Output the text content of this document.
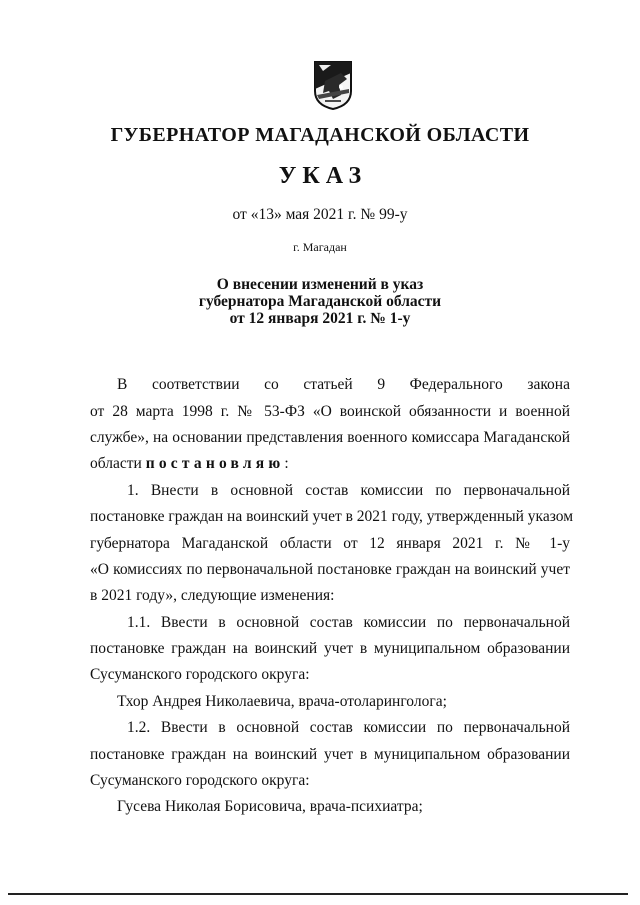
ГУБЕРНАТОР МАГАДАНСКОЙ ОБЛАСТИ
УКАЗ
от «13» мая 2021 г. № 99-у
г. Магадан
О внесении изменений в указ
губернатора Магаданской области
от 12 января 2021 г. № 1-у
В соответствии со статьей 9 Федерального закона
от 28 марта 1998 г. № 53-ФЗ «О воинской обязанности и военной
службе», на основании представления военного комиссара Магаданской
области постановляю:
1. Внести в основной состав комиссии по первоначальной
постановке граждан на воинский учет в 2021 году, утвержденный указом
губернатора Магаданской области от 12 января 2021 г. № 1-у
«О комиссиях по первоначальной постановке граждан на воинский учет
в 2021 году», следующие изменения:
1.1. Ввести в основной состав комиссии по первоначальной
постановке граждан на воинский учет в муниципальном образовании
Сусуманского городского округа:
Тхор Андрея Николаевича, врача-отоларинголога;
1.2. Ввести в основной состав комиссии по первоначальной
постановке граждан на воинский учет в муниципальном образовании
Сусуманского городского округа:
Гусева Николая Борисовича, врача-психиатра;
